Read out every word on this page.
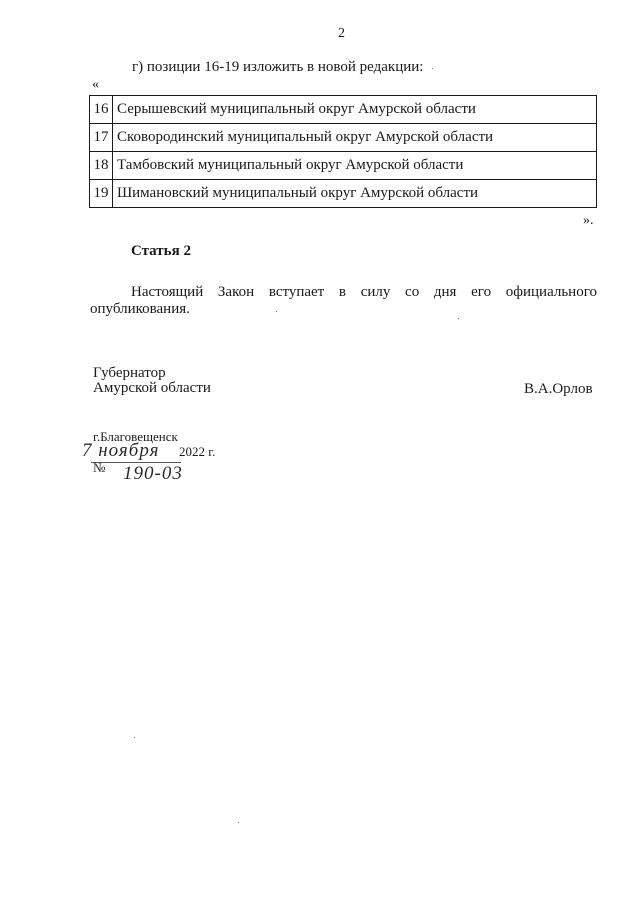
2
г) позиции 16-19 изложить в новой редакции:
«
16	Серышевский муниципальный округ Амурской области
17	Сковородинский муниципальный округ Амурской области
18	Тамбовский муниципальный округ Амурской области
19	Шимановский муниципальный округ Амурской области
».
Статья 2
Настоящий Закон вступает в силу со дня его официального
опубликования.
Губернатор
Амурской области	В.А.Орлов
г.Благовещенск
7 ноября 2022 г.
№ 190-03
